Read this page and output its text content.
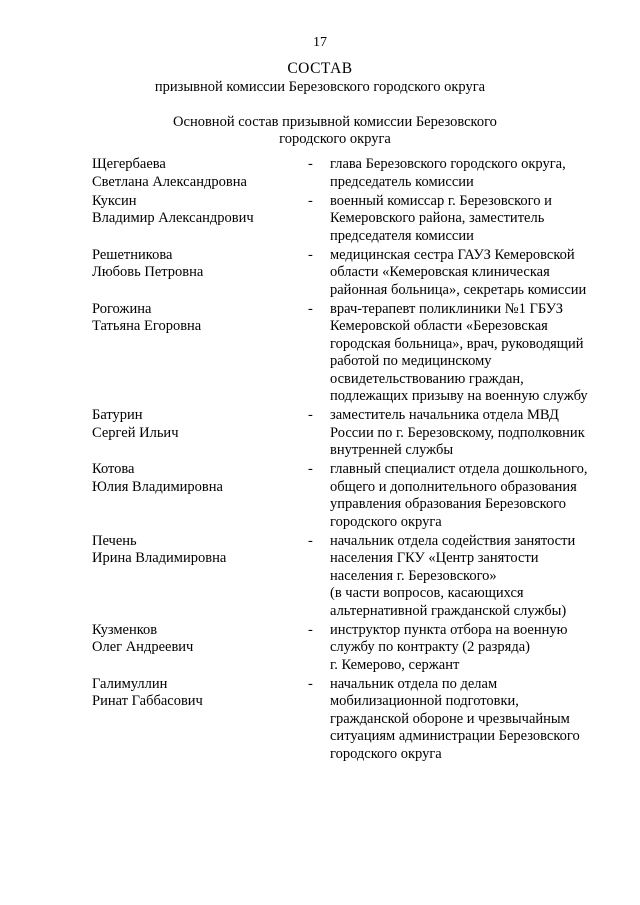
17
СОСТАВ
призывной комиссии Березовского городского округа
Основной состав призывной комиссии Березовского
городского округа
Щегербаева
Светлана Александровна
- глава Березовского городского округа,
председатель комиссии
Куксин
Владимир Александрович
- военный комиссар г. Березовского и
Кемеровского района, заместитель
председателя комиссии
Решетникова
Любовь Петровна
- медицинская сестра ГАУЗ Кемеровской
области «Кемеровская клиническая
районная больница», секретарь комиссии
Рогожина
Татьяна Егоровна
- врач-терапевт поликлиники №1 ГБУЗ
Кемеровской области «Березовская
городская больница», врач, руководящий
работой по медицинскому
освидетельствованию граждан,
подлежащих призыву на военную службу
Батурин
Сергей Ильич
- заместитель начальника отдела МВД
России по г. Березовскому, подполковник
внутренней службы
Котова
Юлия Владимировна
- главный специалист отдела дошкольного,
общего и дополнительного образования
управления образования Березовского
городского округа
Печень
Ирина Владимировна
- начальник отдела содействия занятости
населения ГКУ «Центр занятости
населения г. Березовского»
(в части вопросов, касающихся
альтернативной гражданской службы)
Кузменков
Олег Андреевич
- инструктор пункта отбора на военную
службу по контракту (2 разряда)
г. Кемерово, сержант
Галимуллин
Ринат Габбасович
- начальник отдела по делам
мобилизационной подготовки,
гражданской обороне и чрезвычайным
ситуациям администрации Березовского
городского округа
